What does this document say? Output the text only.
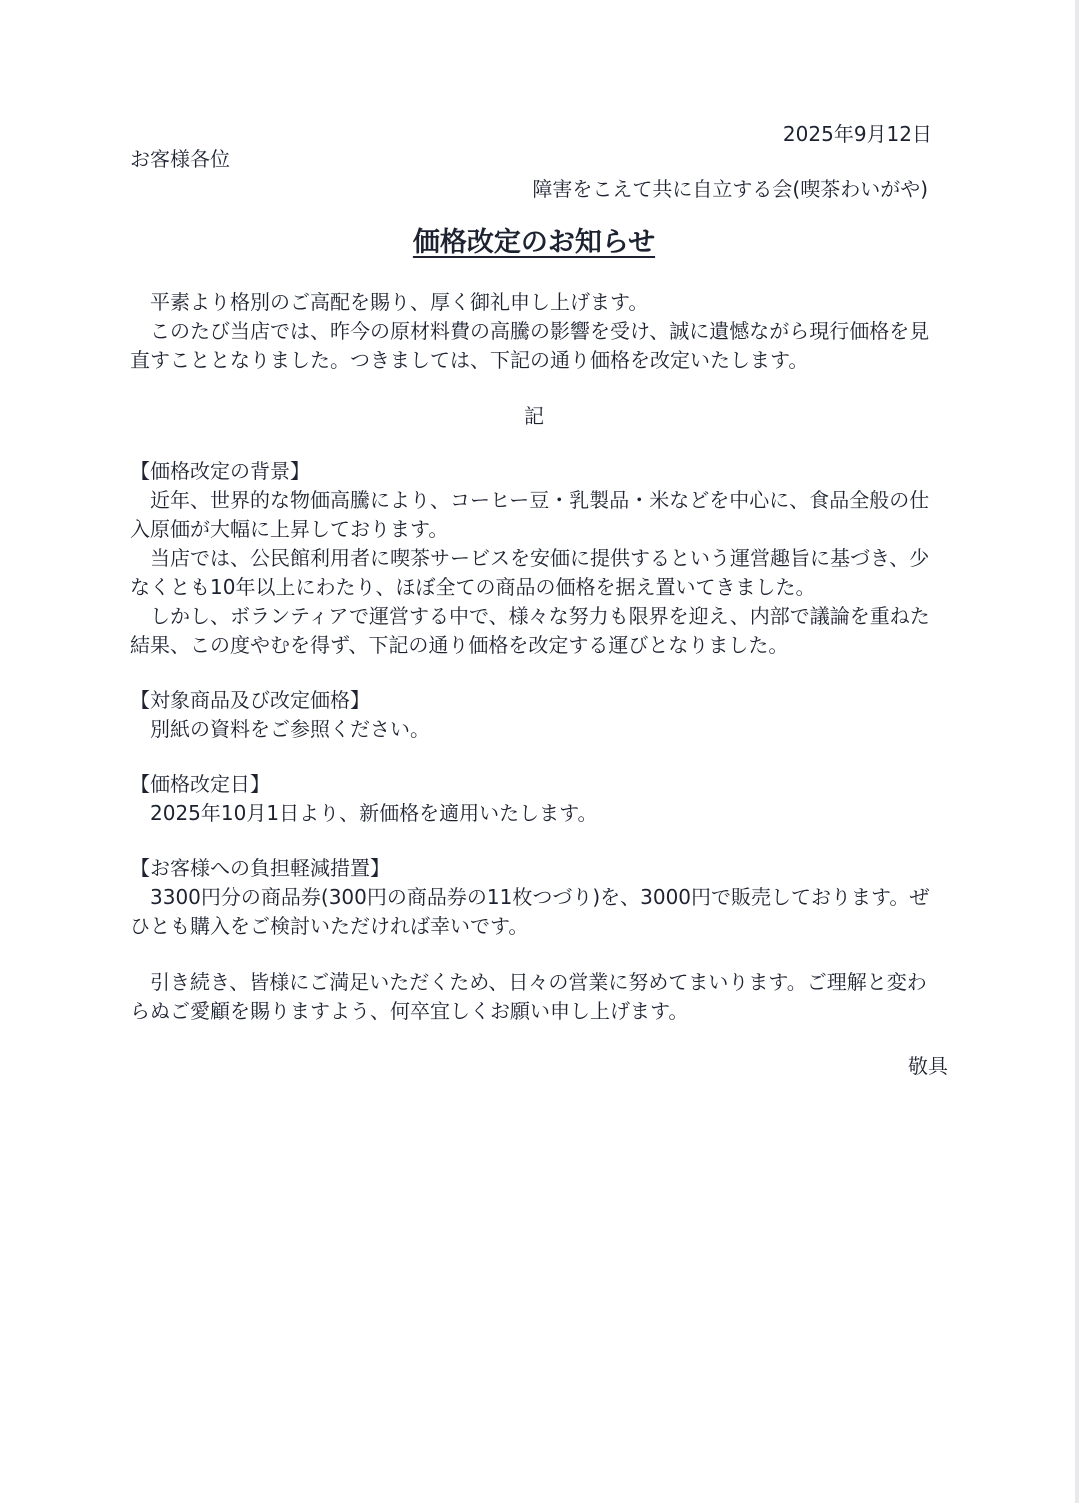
2025年9月12日
お客様各位
障害をこえて共に自立する会(喫茶わいがや)
価格改定のお知らせ

平素より格別のご高配を賜り、厚く御礼申し上げます。

このたび当店では、昨今の原材料費の高騰の影響を受け、誠に遺憾ながら現行価格を見直すこととなりました。つきましては、下記の通り価格を改定いたします。

記

【価格改定の背景】

近年、世界的な物価高騰により、コーヒー豆・乳製品・米などを中心に、食品全般の仕入原価が大幅に上昇しております。

当店では、公民館利用者に喫茶サービスを安価に提供するという運営趣旨に基づき、少なくとも10年以上にわたり、ほぼ全ての商品の価格を据え置いてきました。

しかし、ボランティアで運営する中で、様々な努力も限界を迎え、内部で議論を重ねた結果、この度やむを得ず、下記の通り価格を改定する運びとなりました。

【対象商品及び改定価格】

別紙の資料をご参照ください。

【価格改定日】

2025年10月1日より、新価格を適用いたします。

【お客様への負担軽減措置】

3300円分の商品券(300円の商品券の11枚つづり)を、3000円で販売しております。ぜひとも購入をご検討いただければ幸いです。

引き続き、皆様にご満足いただくため、日々の営業に努めてまいります。ご理解と変わらぬご愛顧を賜りますよう、何卒宜しくお願い申し上げます。

敬具
